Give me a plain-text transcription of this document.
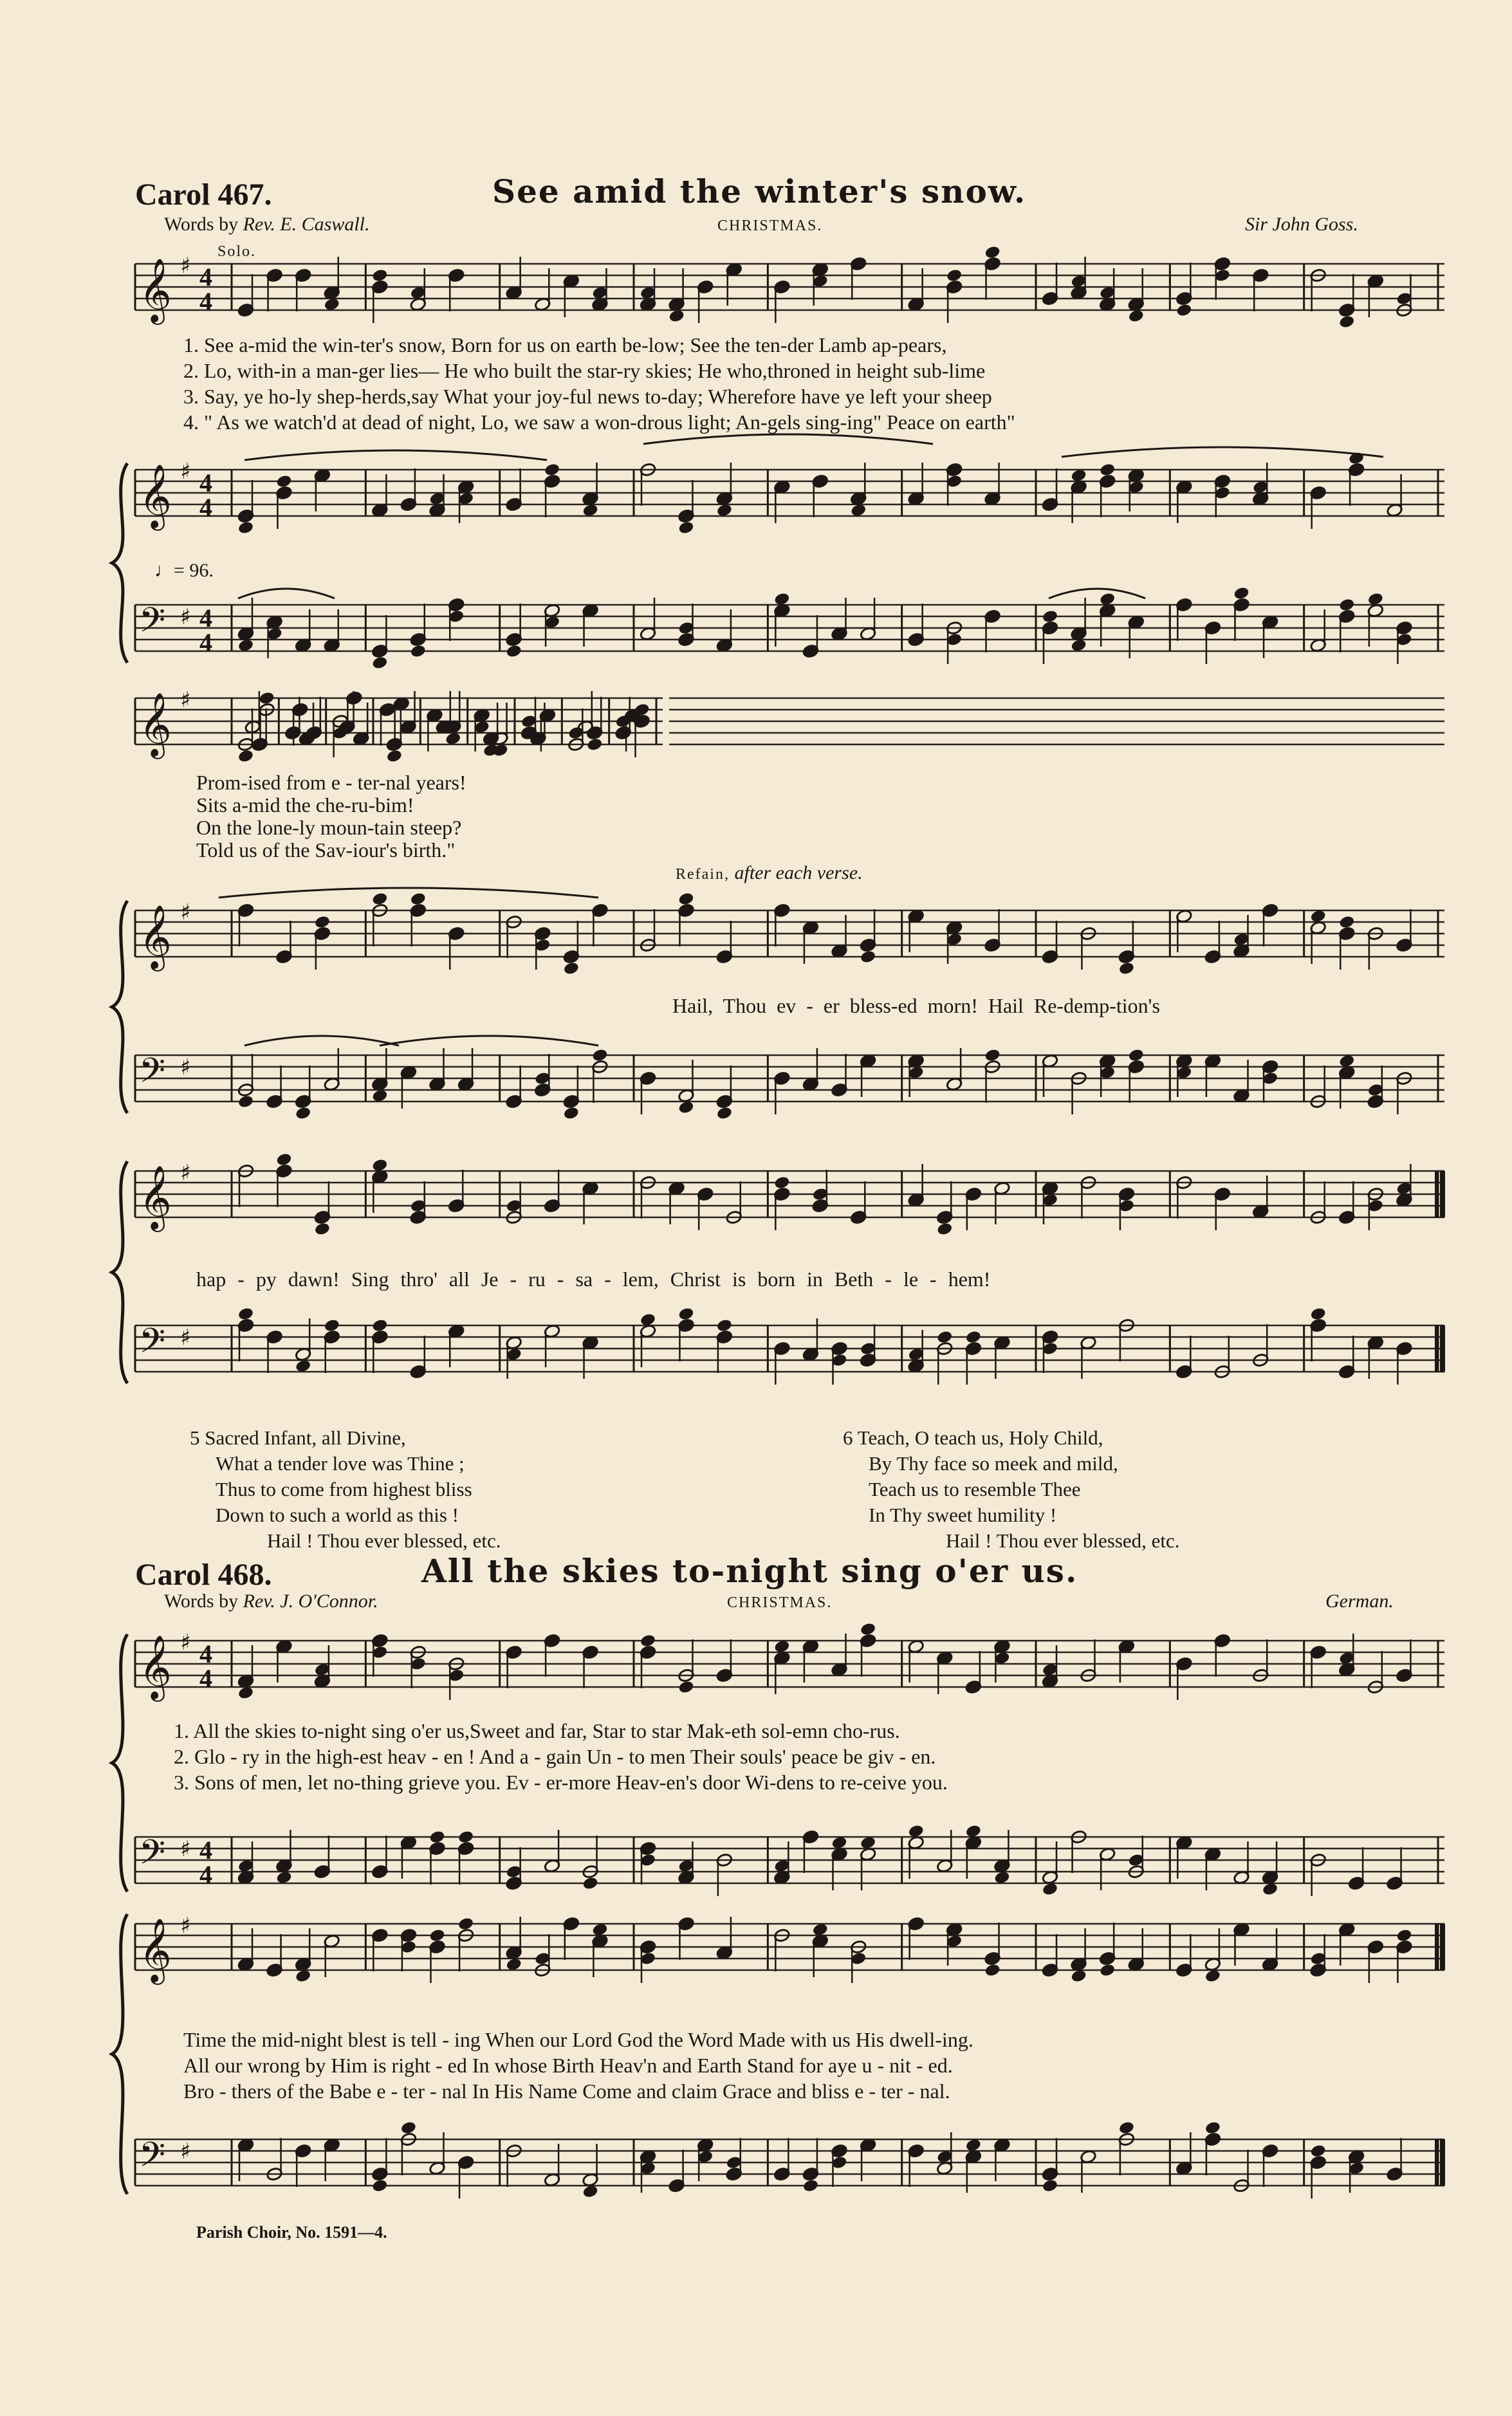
Carol 467.	See amid the winter's snow.
Words by Rev. E. Caswall.	CHRISTMAS.	Sir John Goss.
Solo.
𝄞 ♯
𝄞 ♯
𝄢 ♯
𝄞 ♯
𝄞 ♯
𝄢 ♯
𝄞 ♯
𝄢 ♯
𝄞 ♯
𝄢 ♯
𝄞 ♯
𝄢 ♯
4
4
4
4
4
4
4
4
4
4
♩= 96.
1. See a-mid the win-ter's snow, Born for us on earth be-low; See the ten-der Lamb ap-pears,
2. Lo, with-in a man-ger lies— He who built the star-ry skies; He who,throned in height sub-lime
3. Say, ye ho-ly shep-herds,say What your joy-ful news to-day; Wherefore have ye left your sheep
4. " As we watch'd at dead of night, Lo, we saw a won-drous light; An-gels sing-ing" Peace on earth"
Prom-ised from e - ter-nal years!
Sits a-mid the che-ru-bim!
On the lone-ly moun-tain steep?
Told us of the Sav-iour's birth."
Refain, after each verse.
Hail, Thou ev - er bless-ed morn! Hail Re-demp-tion's
hap - py dawn! Sing thro' all Je - ru - sa - lem, Christ is born in Beth - le - hem!
5 Sacred Infant, all Divine,
What a tender love was Thine ;
Thus to come from highest bliss
Down to such a world as this !
Hail ! Thou ever blessed, etc.
6 Teach, O teach us, Holy Child,
By Thy face so meek and mild,
Teach us to resemble Thee
In Thy sweet humility !
Hail ! Thou ever blessed, etc.
Carol 468.	All the skies to-night sing o'er us.
Words by Rev. J. O'Connor.	CHRISTMAS.	German.
1. All the skies to-night sing o'er us,Sweet and far, Star to star Mak-eth sol-emn cho-rus.
2. Glo - ry in the high-est heav - en ! And a - gain Un - to men Their souls' peace be giv - en.
3. Sons of men, let no-thing grieve you. Ev - er-more Heav-en's door Wi-dens to re-ceive you.
Time the mid-night blest is tell - ing When our Lord God the Word Made with us His dwell-ing.
All our wrong by Him is right - ed In whose Birth Heav'n and Earth Stand for aye u - nit - ed.
Bro - thers of the Babe e - ter - nal In His Name Come and claim Grace and bliss e - ter - nal.
Parish Choir, No. 1591—4.
